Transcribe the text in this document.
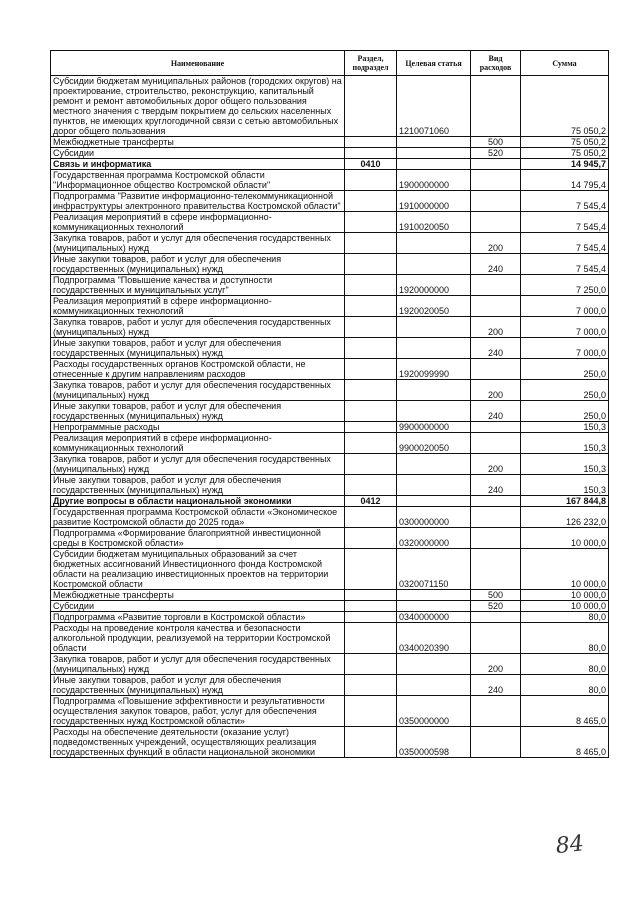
Наименование	Раздел, подраздел	Целевая статья	Вид расходов	Сумма
Субсидии бюджетам муниципальных районов (городских округов) на проектирование, строительство, реконструкцию, капитальный ремонт и ремонт автомобильных дорог общего пользования местного значения с твердым покрытием до сельских населенных пунктов, не имеющих круглогодичной связи с сетью автомобильных дорог общего пользования		1210071060		75 050,2
Межбюджетные трансферты			500	75 050,2
Субсидии			520	75 050,2
Связь и информатика	0410			14 945,7
Государственная программа Костромской области "Информационное общество Костромской области"		1900000000		14 795,4
Подпрограмма "Развитие информационно-телекоммуникационной инфраструктуры электронного правительства Костромской области"		1910000000		7 545,4
Реализация мероприятий в сфере информационно-коммуникационных технологий		1910020050		7 545,4
Закупка товаров, работ и услуг для обеспечения государственных (муниципальных) нужд			200	7 545,4
Иные закупки товаров, работ и услуг для обеспечения государственных (муниципальных) нужд			240	7 545,4
Подпрограмма "Повышение качества и доступности государственных и муниципальных услуг"		1920000000		7 250,0
Реализация мероприятий в сфере информационно-коммуникационных технологий		1920020050		7 000,0
Закупка товаров, работ и услуг для обеспечения государственных (муниципальных) нужд			200	7 000,0
Иные закупки товаров, работ и услуг для обеспечения государственных (муниципальных) нужд			240	7 000,0
Расходы государственных органов Костромской области, не отнесенные к другим направлениям расходов		1920099990		250,0
Закупка товаров, работ и услуг для обеспечения государственных (муниципальных) нужд			200	250,0
Иные закупки товаров, работ и услуг для обеспечения государственных (муниципальных) нужд			240	250,0
Непрограммные расходы		9900000000		150,3
Реализация мероприятий в сфере информационно-коммуникационных технологий		9900020050		150,3
Закупка товаров, работ и услуг для обеспечения государственных (муниципальных) нужд			200	150,3
Иные закупки товаров, работ и услуг для обеспечения государственных (муниципальных) нужд			240	150,3
Другие вопросы в области национальной экономики	0412			167 844,8
Государственная программа Костромской области «Экономическое развитие Костромской области до 2025 года»		0300000000		126 232,0
Подпрограмма «Формирование благоприятной инвестиционной среды в Костромской области»		0320000000		10 000,0
Субсидии бюджетам муниципальных образований за счет бюджетных ассигнований Инвестиционного фонда Костромской области на реализацию инвестиционных проектов на территории Костромской области		0320071150		10 000,0
Межбюджетные трансферты			500	10 000,0
Субсидии			520	10 000,0
Подпрограмма «Развитие торговли в Костромской области»		0340000000		80,0
Расходы на проведение контроля качества и безопасности алкогольной продукции, реализуемой на территории Костромской области		0340020390		80,0
Закупка товаров, работ и услуг для обеспечения государственных (муниципальных) нужд			200	80,0
Иные закупки товаров, работ и услуг для обеспечения государственных (муниципальных) нужд			240	80,0
Подпрограмма «Повышение эффективности и результативности осуществления закупок товаров, работ, услуг для обеспечения государственных нужд Костромской области»		0350000000		8 465,0
Расходы на обеспечение деятельности (оказание услуг) подведомственных учреждений, осуществляющих реализация государственных функций в области национальной экономики		0350000598		8 465,0
84
